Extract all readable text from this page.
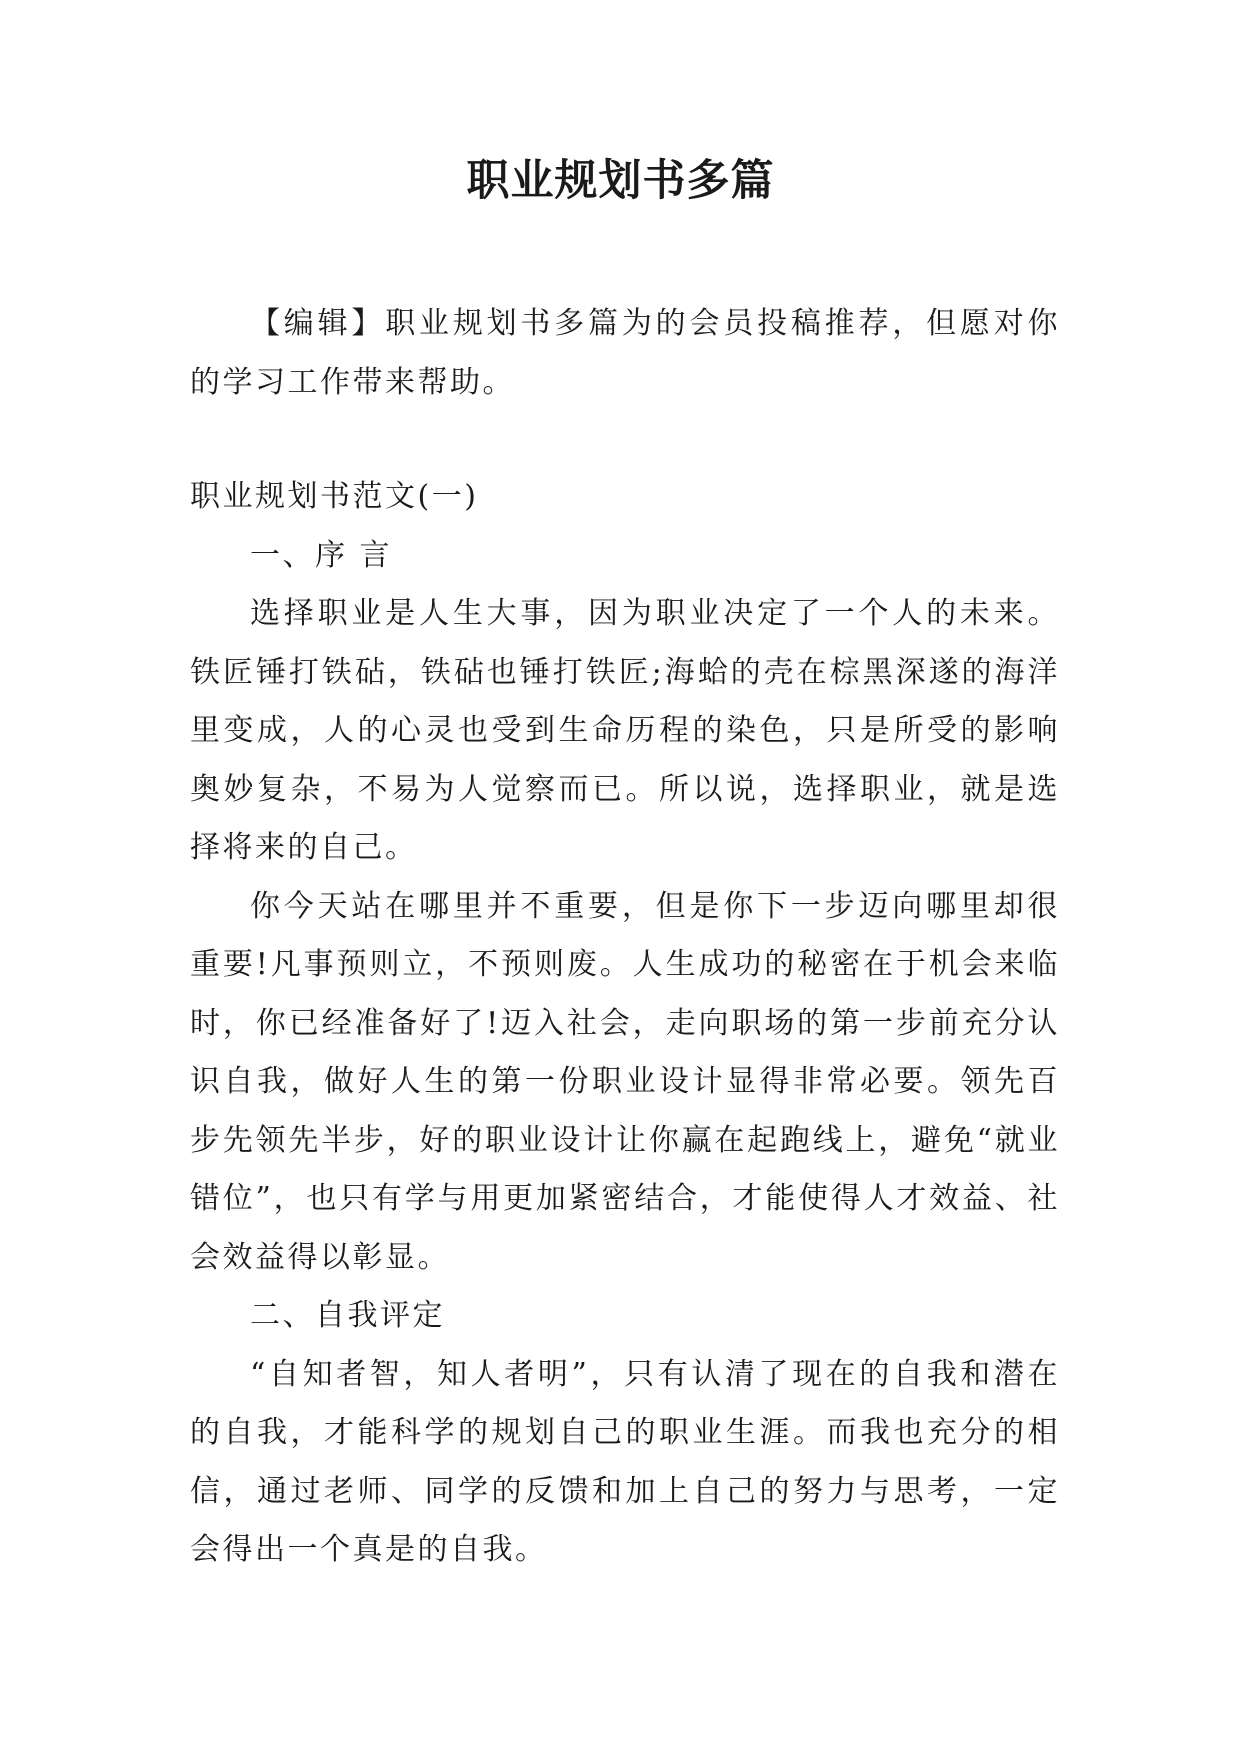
职业规划书多篇

【编辑】职业规划书多篇为的会员投稿推荐，但愿对你的学习工作带来帮助。

职业规划书范文(一)

一、序 言

选择职业是人生大事，因为职业决定了一个人的未来。铁匠锤打铁砧，铁砧也锤打铁匠;海蛤的壳在棕黑深遂的海洋里变成，人的心灵也受到生命历程的染色，只是所受的影响奥妙复杂，不易为人觉察而已。所以说，选择职业，就是选择将来的自己。

你今天站在哪里并不重要，但是你下一步迈向哪里却很重要!凡事预则立，不预则废。人生成功的秘密在于机会来临时，你已经准备好了!迈入社会，走向职场的第一步前充分认识自我，做好人生的第一份职业设计显得非常必要。领先百步先领先半步，好的职业设计让你赢在起跑线上，避免“就业错位”，也只有学与用更加紧密结合，才能使得人才效益、社会效益得以彰显。

二、自我评定

“自知者智，知人者明”，只有认清了现在的自我和潜在的自我，才能科学的规划自己的职业生涯。而我也充分的相信，通过老师、同学的反馈和加上自己的努力与思考，一定会得出一个真是的自我。
